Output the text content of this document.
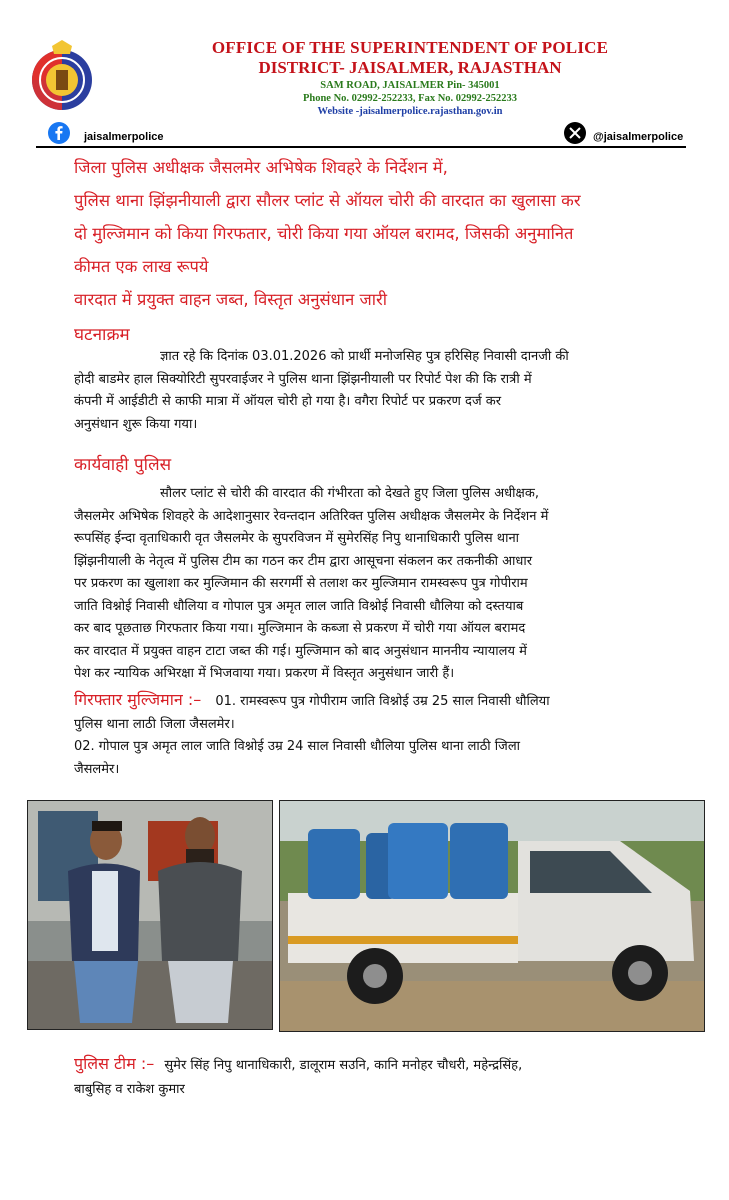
OFFICE OF THE SUPERINTENDENT OF POLICE
DISTRICT- JAISALMER, RAJASTHAN
SAM ROAD, JAISALMER Pin- 345001
Phone No. 02992-252233, Fax No. 02992-252233
Website -jaisalmerpolice.rajasthan.gov.in
jaisalmerpolice	@jaisalmerpolice
जिला पुलिस अधीक्षक जैसलमेर अभिषेक शिवहरे के निर्देशन में,
पुलिस थाना झिंझनीयाली द्वारा सौलर प्लांट से ऑयल चोरी की वारदात का खुलासा कर
दो मुल्जिमान को किया गिरफतार, चोरी किया गया ऑयल बरामद, जिसकी अनुमानित
कीमत एक लाख रूपये
वारदात में प्रयुक्त वाहन जब्त, विस्तृत अनुसंधान जारी
घटनाक्रम
ज्ञात रहे कि दिनांक 03.01.2026 को प्रार्थी मनोजसिह पुत्र हरिसिह निवासी दानजी की
होदी बाडमेर हाल सिक्योरिटी सुपरवाईजर ने पुलिस थाना झिंझनीयाली पर रिपोर्ट पेश की कि रात्री में
कंपनी में आईडीटी से काफी मात्रा में ऑयल चोरी हो गया है। वगैरा रिपोर्ट पर प्रकरण दर्ज कर
अनुसंधान शुरू किया गया।
कार्यवाही पुलिस
सौलर प्लांट से चोरी की वारदात की गंभीरता को देखते हुए जिला पुलिस अधीक्षक,
जैसलमेर अभिषेक शिवहरे के आदेशानुसार रेवन्तदान अतिरिक्त पुलिस अधीक्षक जैसलमेर के निर्देशन में
रूपसिंह ईन्दा वृताधिकारी वृत जैसलमेर के सुपरविजन में सुमेरसिंह निपु थानाधिकारी पुलिस थाना
झिंझनीयाली के नेतृत्व में पुलिस टीम का गठन कर टीम द्वारा आसूचना संकलन कर तकनीकी आधार
पर प्रकरण का खुलाशा कर मुल्जिमान की सरगर्मी से तलाश कर मुल्जिमान रामस्वरूप पुत्र गोपीराम
जाति विश्नोई निवासी धौलिया व गोपाल पुत्र अमृत लाल जाति विश्नोई निवासी धौलिया को दस्तयाब
कर बाद पूछताछ गिरफतार किया गया। मुल्जिमान के कब्जा से प्रकरण में चोरी गया ऑयल बरामद
कर वारदात में प्रयुक्त वाहन टाटा जब्त की गई। मुल्जिमान को बाद अनुसंधान माननीय न्यायालय में
पेश कर न्यायिक अभिरक्षा में भिजवाया गया। प्रकरण में विस्तृत अनुसंधान जारी हैं।
गिरफ्तार मुल्जिमान :– 01. रामस्वरूप पुत्र गोपीराम जाति विश्नोई उम्र 25 साल निवासी धौलिया
पुलिस थाना लाठी जिला जैसलमेर।
02. गोपाल पुत्र अमृत लाल जाति विश्नोई उम्र 24 साल निवासी धौलिया पुलिस थाना लाठी जिला
जैसलमेर।
पुलिस टीम :– सुमेर सिंह निपु थानाधिकारी, डालूराम सउनि, कानि मनोहर चौधरी, महेन्द्रसिंह,
बाबुसिह व राकेश कुमार
